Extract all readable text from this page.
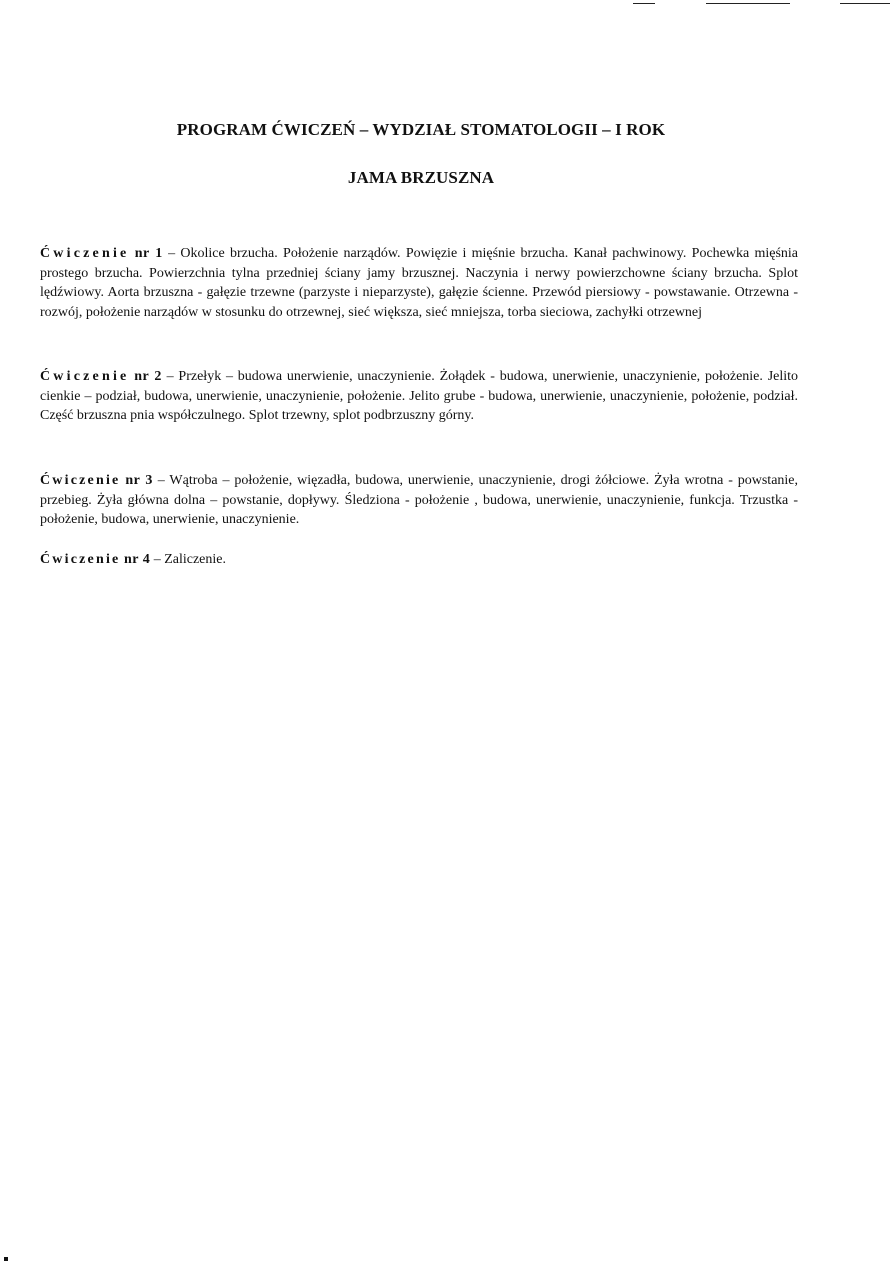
PROGRAM ĆWICZEŃ – WYDZIAŁ STOMATOLOGII – I ROK
JAMA BRZUSZNA

Ćwiczenie nr 1 – Okolice brzucha. Położenie narządów. Powięzie i mięśnie brzucha. Kanał pachwinowy. Pochewka mięśnia prostego brzucha. Powierzchnia tylna przedniej ściany jamy brzusznej. Naczynia i nerwy powierzchowne ściany brzucha. Splot lędźwiowy. Aorta brzuszna - gałęzie trzewne (parzyste i nieparzyste), gałęzie ścienne. Przewód piersiowy - powstawanie. Otrzewna - rozwój, położenie narządów w stosunku do otrzewnej, sieć większa, sieć mniejsza, torba sieciowa, zachyłki otrzewnej

Ćwiczenie nr 2 – Przełyk – budowa unerwienie, unaczynienie. Żołądek - budowa, unerwienie, unaczynienie, położenie. Jelito cienkie – podział, budowa, unerwienie, unaczynienie, położenie. Jelito grube - budowa, unerwienie, unaczynienie, położenie, podział. Część brzuszna pnia współczulnego. Splot trzewny, splot podbrzuszny górny.

Ćwiczenie nr 3 – Wątroba – położenie, więzadła, budowa, unerwienie, unaczynienie, drogi żółciowe. Żyła wrotna - powstanie, przebieg. Żyła główna dolna – powstanie, dopływy. Śledziona - położenie , budowa, unerwienie, unaczynienie, funkcja. Trzustka - położenie, budowa, unerwienie, unaczynienie.

Ćwiczenie nr 4 – Zaliczenie.
